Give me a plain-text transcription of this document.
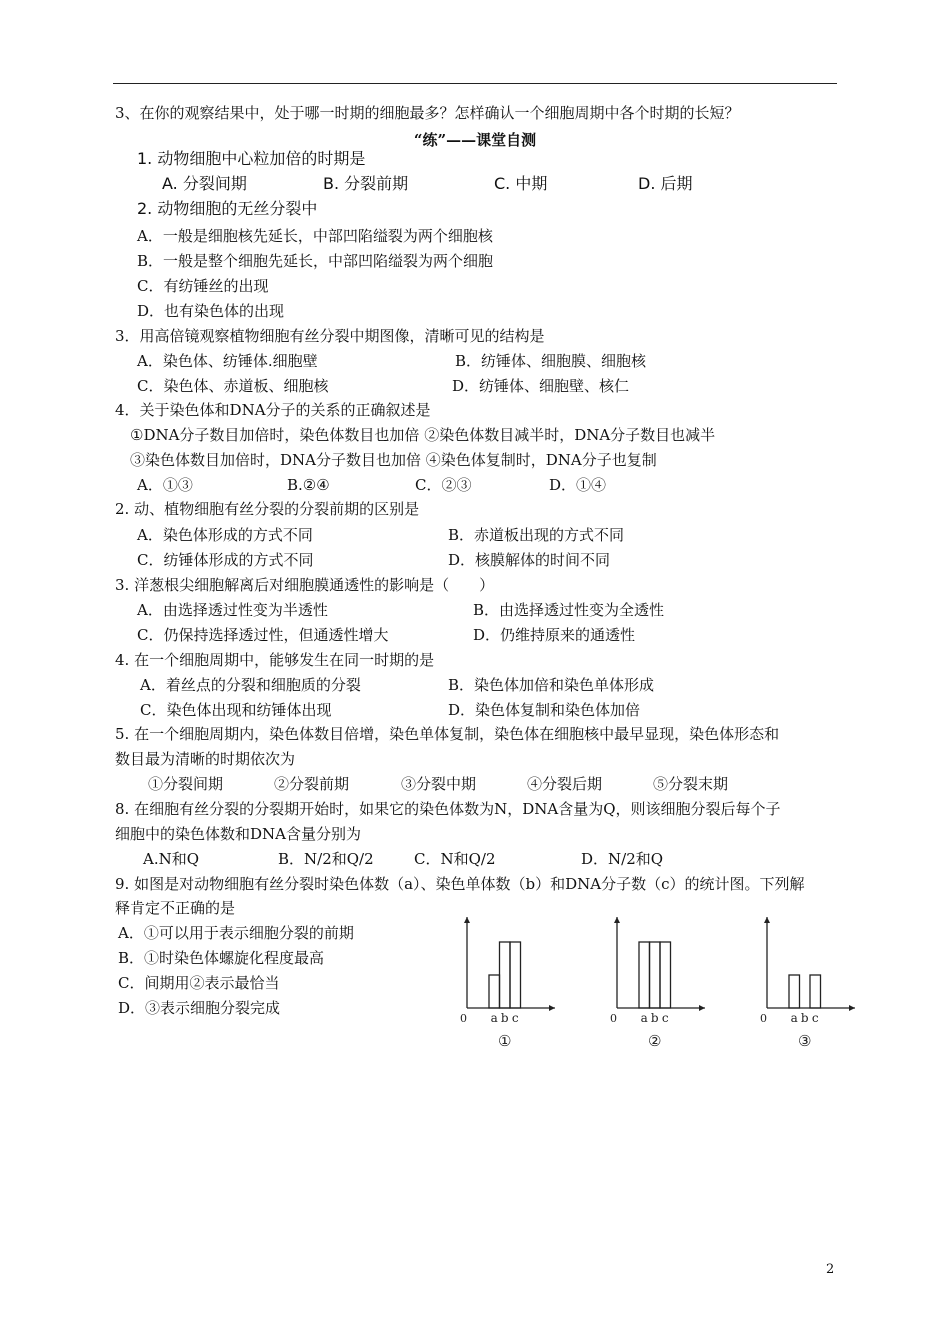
3、在你的观察结果中，处于哪一时期的细胞最多？怎样确认一个细胞周期中各个时期的长短？
“练”——课堂自测
1. 动物细胞中心粒加倍的时期是
A. 分裂间期	B. 分裂前期	C. 中期	D. 后期
2. 动物细胞的无丝分裂中
A．一般是细胞核先延长，中部凹陷缢裂为两个细胞核
B．一般是整个细胞先延长，中部凹陷缢裂为两个细胞
C．有纺锤丝的出现
D．也有染色体的出现
3．用高倍镜观察植物细胞有丝分裂中期图像，清晰可见的结构是
A．染色体、纺锤体.细胞壁	B．纺锤体、细胞膜、细胞核
C．染色体、赤道板、细胞核	D．纺锤体、细胞壁、核仁
4．关于染色体和DNA分子的关系的正确叙述是
①DNA分子数目加倍时，染色体数目也加倍 ②染色体数目减半时，DNA分子数目也减半
③染色体数目加倍时，DNA分子数目也加倍 ④染色体复制时，DNA分子也复制
A．①③	B.②④	C．②③	D．①④
2. 动、植物细胞有丝分裂的分裂前期的区别是
A．染色体形成的方式不同	B．赤道板出现的方式不同
C．纺锤体形成的方式不同	D．核膜解体的时间不同
3. 洋葱根尖细胞解离后对细胞膜通透性的影响是（　　）
A．由选择透过性变为半透性	B．由选择透过性变为全透性
C．仍保持选择透过性，但通透性增大	D．仍维持原来的通透性
4. 在一个细胞周期中，能够发生在同一时期的是
A．着丝点的分裂和细胞质的分裂	B．染色体加倍和染色单体形成
C．染色体出现和纺锤体出现	D．染色体复制和染色体加倍
5. 在一个细胞周期内，染色体数目倍增，染色单体复制，染色体在细胞核中最早显现，染色体形态和
数目最为清晰的时期依次为
①分裂间期	②分裂前期	③分裂中期	④分裂后期	⑤分裂末期
8. 在细胞有丝分裂的分裂期开始时，如果它的染色体数为N，DNA含量为Q，则该细胞分裂后每个子
细胞中的染色体数和DNA含量分别为
A.N和Q	B．N/2和Q/2	C．N和Q/2	D．N/2和Q
9. 如图是对动物细胞有丝分裂时染色体数（a）、染色单体数（b）和DNA分子数（c）的统计图。下列解
释肯定不正确的是
A．①可以用于表示细胞分裂的前期
B．①时染色体螺旋化程度最高
C．间期用②表示最恰当
D．③表示细胞分裂完成
0 a b c
①
0 a b c
②
0 a b c
③
2
